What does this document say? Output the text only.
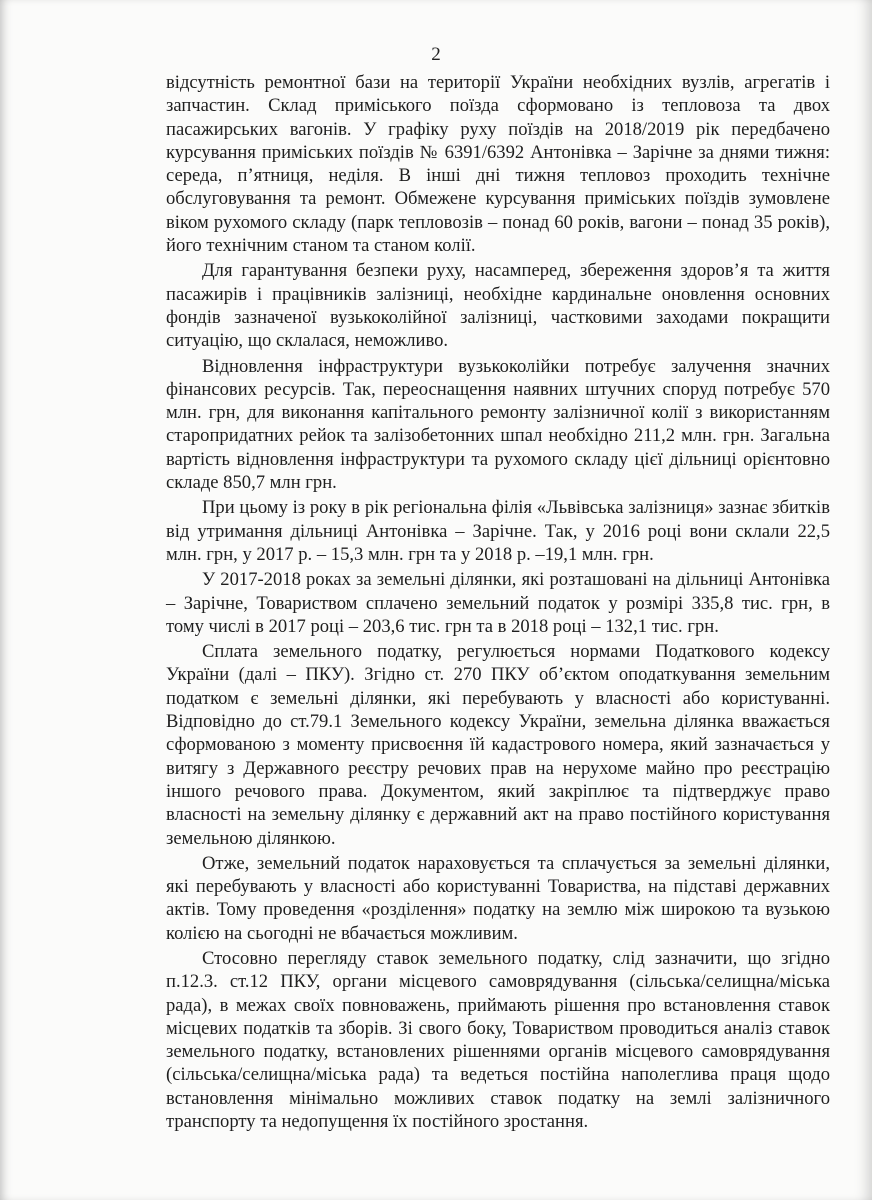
2

відсутність ремонтної бази на території України необхідних вузлів, агрегатів і запчастин. Склад приміського поїзда сформовано із тепловоза та двох пасажирських вагонів. У графіку руху поїздів на 2018/2019 рік передбачено курсування приміських поїздів № 6391/6392 Антонівка – Зарічне за днями тижня: середа, п’ятниця, неділя. В інші дні тижня тепловоз проходить технічне обслуговування та ремонт. Обмежене курсування приміських поїздів зумовлене віком рухомого складу (парк тепловозів – понад 60 років, вагони – понад 35 років), його технічним станом та станом колії.

Для гарантування безпеки руху, насамперед, збереження здоров’я та життя пасажирів і працівників залізниці, необхідне кардинальне оновлення основних фондів зазначеної вузькоколійної залізниці, частковими заходами покращити ситуацію, що склалася, неможливо.

Відновлення інфраструктури вузькоколійки потребує залучення значних фінансових ресурсів. Так, переоснащення наявних штучних споруд потребує 570 млн. грн, для виконання капітального ремонту залізничної колії з використанням старопридатних рейок та залізобетонних шпал необхідно 211,2 млн. грн. Загальна вартість відновлення інфраструктури та рухомого складу цієї дільниці орієнтовно складе 850,7 млн грн.

При цьому із року в рік регіональна філія «Львівська залізниця» зазнає збитків від утримання дільниці Антонівка – Зарічне. Так, у 2016 році вони склали 22,5 млн. грн, у 2017 р. – 15,3 млн. грн та у 2018 р. –19,1 млн. грн.

У 2017-2018 роках за земельні ділянки, які розташовані на дільниці Антонівка – Зарічне, Товариством сплачено земельний податок у розмірі 335,8 тис. грн, в тому числі в 2017 році – 203,6 тис. грн та в 2018 році – 132,1 тис. грн.

Сплата земельного податку, регулюється нормами Податкового кодексу України (далі – ПКУ). Згідно ст. 270 ПКУ об’єктом оподаткування земельним податком є земельні ділянки, які перебувають у власності або користуванні. Відповідно до ст.79.1 Земельного кодексу України, земельна ділянка вважається сформованою з моменту присвоєння їй кадастрового номера, який зазначається у витягу з Державного реєстру речових прав на нерухоме майно про реєстрацію іншого речового права. Документом, який закріплює та підтверджує право власності на земельну ділянку є державний акт на право постійного користування земельною ділянкою.

Отже, земельний податок нараховується та сплачується за земельні ділянки, які перебувають у власності або користуванні Товариства, на підставі державних актів. Тому проведення «розділення» податку на землю між широкою та вузькою колією на сьогодні не вбачається можливим.

Стосовно перегляду ставок земельного податку, слід зазначити, що згідно п.12.3. ст.12 ПКУ, органи місцевого самоврядування (сільська/селищна/міська рада), в межах своїх повноважень, приймають рішення про встановлення ставок місцевих податків та зборів. Зі свого боку, Товариством проводиться аналіз ставок земельного податку, встановлених рішеннями органів місцевого самоврядування (сільська/селищна/міська рада) та ведеться постійна наполеглива праця щодо встановлення мінімально можливих ставок податку на землі залізничного транспорту та недопущення їх постійного зростання.
